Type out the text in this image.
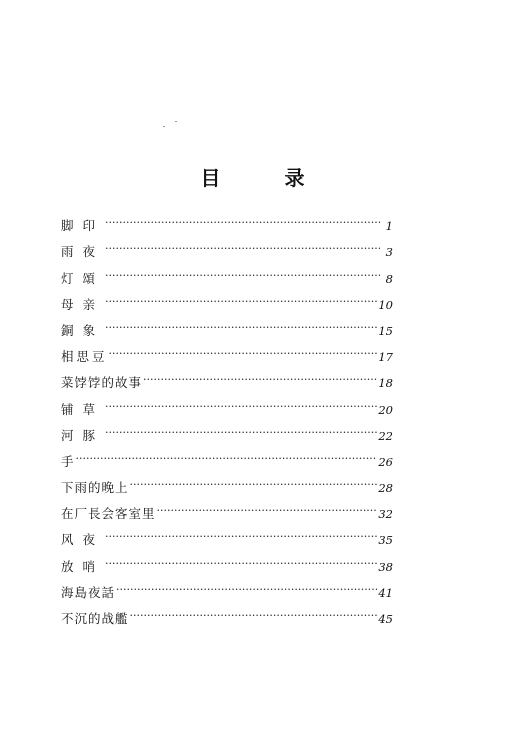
目　录
脚印 ·····	1
雨夜 ·····	3
灯頌 ·····	8
母亲 ·····	10
銅象 ·····	15
相思豆 ·····	17
菜饽饽的故事 ·····	18
铺草 ·····	20
河豚 ·····	22
手 ·····	26
下雨的晚上 ·····	28
在厂長会客室里 ·····	32
风夜 ·····	35
放哨 ·····	38
海島夜話 ·····	41
不沉的战艦 ·····	45
